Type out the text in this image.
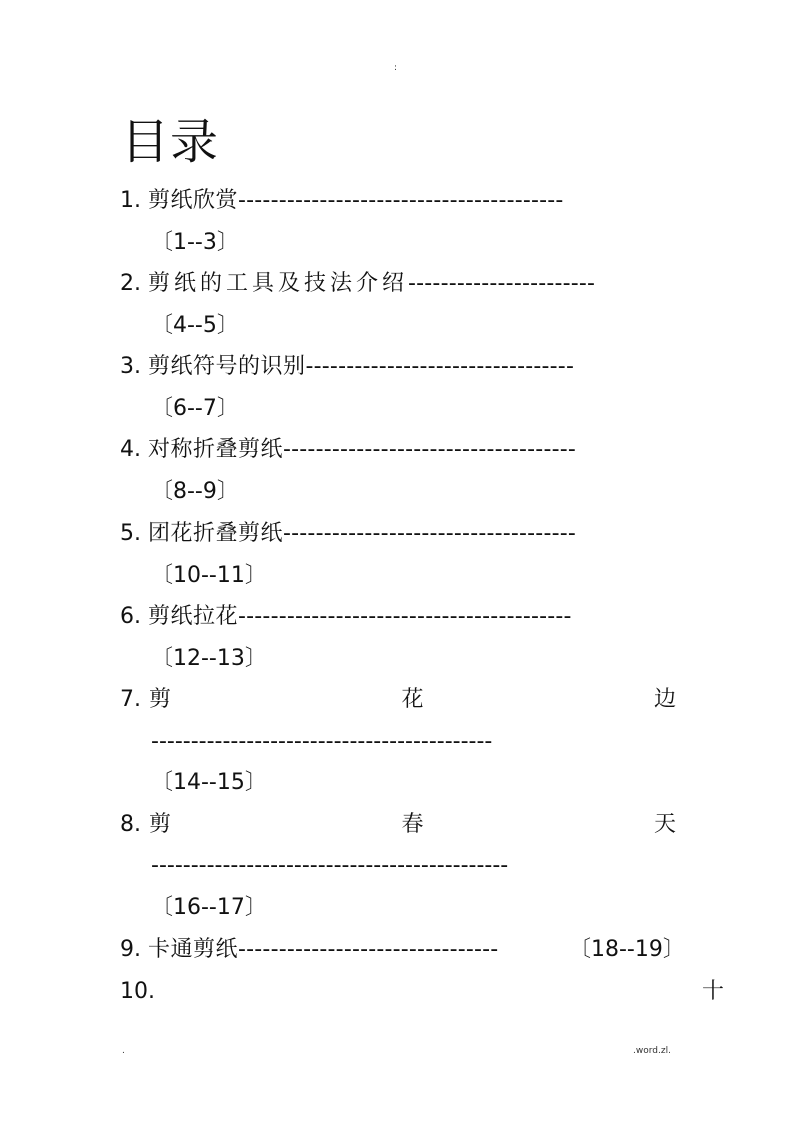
:
目录
1. 剪纸欣赏----------------------------------------
〔1--3〕
2. 剪纸的工具及技法介绍-----------------------
〔4--5〕
3. 剪纸符号的识别---------------------------------
〔6--7〕
4. 对称折叠剪纸------------------------------------
〔8--9〕
5. 团花折叠剪纸------------------------------------
〔10--11〕
6. 剪纸拉花-----------------------------------------
〔12--13〕
7. 剪	花	边
-------------------------------------------
〔14--15〕
8. 剪	春	天
---------------------------------------------
〔16--17〕
9. 卡通剪纸--------------------------------	〔18--19〕
10.	十
.	.word.zl.
